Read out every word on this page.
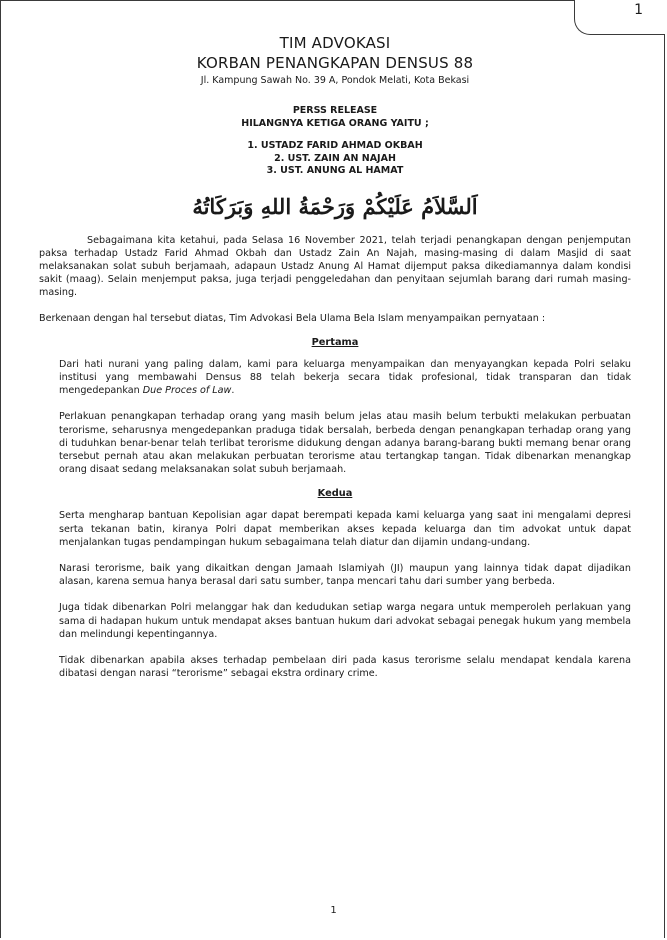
1
TIM ADVOKASI
KORBAN PENANGKAPAN DENSUS 88
Jl. Kampung Sawah No. 39 A, Pondok Melati, Kota Bekasi
PERSS RELEASE
HILANGNYA KETIGA ORANG YAITU ;
1. USTADZ FARID AHMAD OKBAH
2. UST. ZAIN AN NAJAH
3. UST. ANUNG AL HAMAT
اَلسَّلاَمُ عَلَيْكُمْ وَرَحْمَةُ اللهِ وَبَرَكَاتُهُ

Sebagaimana kita ketahui, pada Selasa 16 November 2021, telah terjadi penangkapan dengan penjemputan paksa terhadap Ustadz Farid Ahmad Okbah dan Ustadz Zain An Najah, masing-masing di dalam Masjid di saat melaksanakan solat subuh berjamaah, adapaun Ustadz Anung Al Hamat dijemput paksa dikediamannya dalam kondisi sakit (maag). Selain menjemput paksa, juga terjadi penggeledahan dan penyitaan sejumlah barang dari rumah masing-masing.

Berkenaan dengan hal tersebut diatas, Tim Advokasi Bela Ulama Bela Islam menyampaikan pernyataan :

Pertama

Dari hati nurani yang paling dalam, kami para keluarga menyampaikan dan menyayangkan kepada Polri selaku institusi yang membawahi Densus 88 telah bekerja secara tidak profesional, tidak transparan dan tidak mengedepankan Due Proces of Law.

Perlakuan penangkapan terhadap orang yang masih belum jelas atau masih belum terbukti melakukan perbuatan terorisme, seharusnya mengedepankan praduga tidak bersalah, berbeda dengan penangkapan terhadap orang yang di tuduhkan benar-benar telah terlibat terorisme didukung dengan adanya barang-barang bukti memang benar orang tersebut pernah atau akan melakukan perbuatan terorisme atau tertangkap tangan. Tidak dibenarkan menangkap orang disaat sedang melaksanakan solat subuh berjamaah.

Kedua

Serta mengharap bantuan Kepolisian agar dapat berempati kepada kami keluarga yang saat ini mengalami depresi serta tekanan batin, kiranya Polri dapat memberikan akses kepada keluarga dan tim advokat untuk dapat menjalankan tugas pendampingan hukum sebagaimana telah diatur dan dijamin undang-undang.

Narasi terorisme, baik yang dikaitkan dengan Jamaah Islamiyah (JI) maupun yang lainnya tidak dapat dijadikan alasan, karena semua hanya berasal dari satu sumber, tanpa mencari tahu dari sumber yang berbeda.

Juga tidak dibenarkan Polri melanggar hak dan kedudukan setiap warga negara untuk memperoleh perlakuan yang sama di hadapan hukum untuk mendapat akses bantuan hukum dari advokat sebagai penegak hukum yang membela dan melindungi kepentingannya.

Tidak dibenarkan apabila akses terhadap pembelaan diri pada kasus terorisme selalu mendapat kendala karena dibatasi dengan narasi “terorisme” sebagai ekstra ordinary crime.

1
